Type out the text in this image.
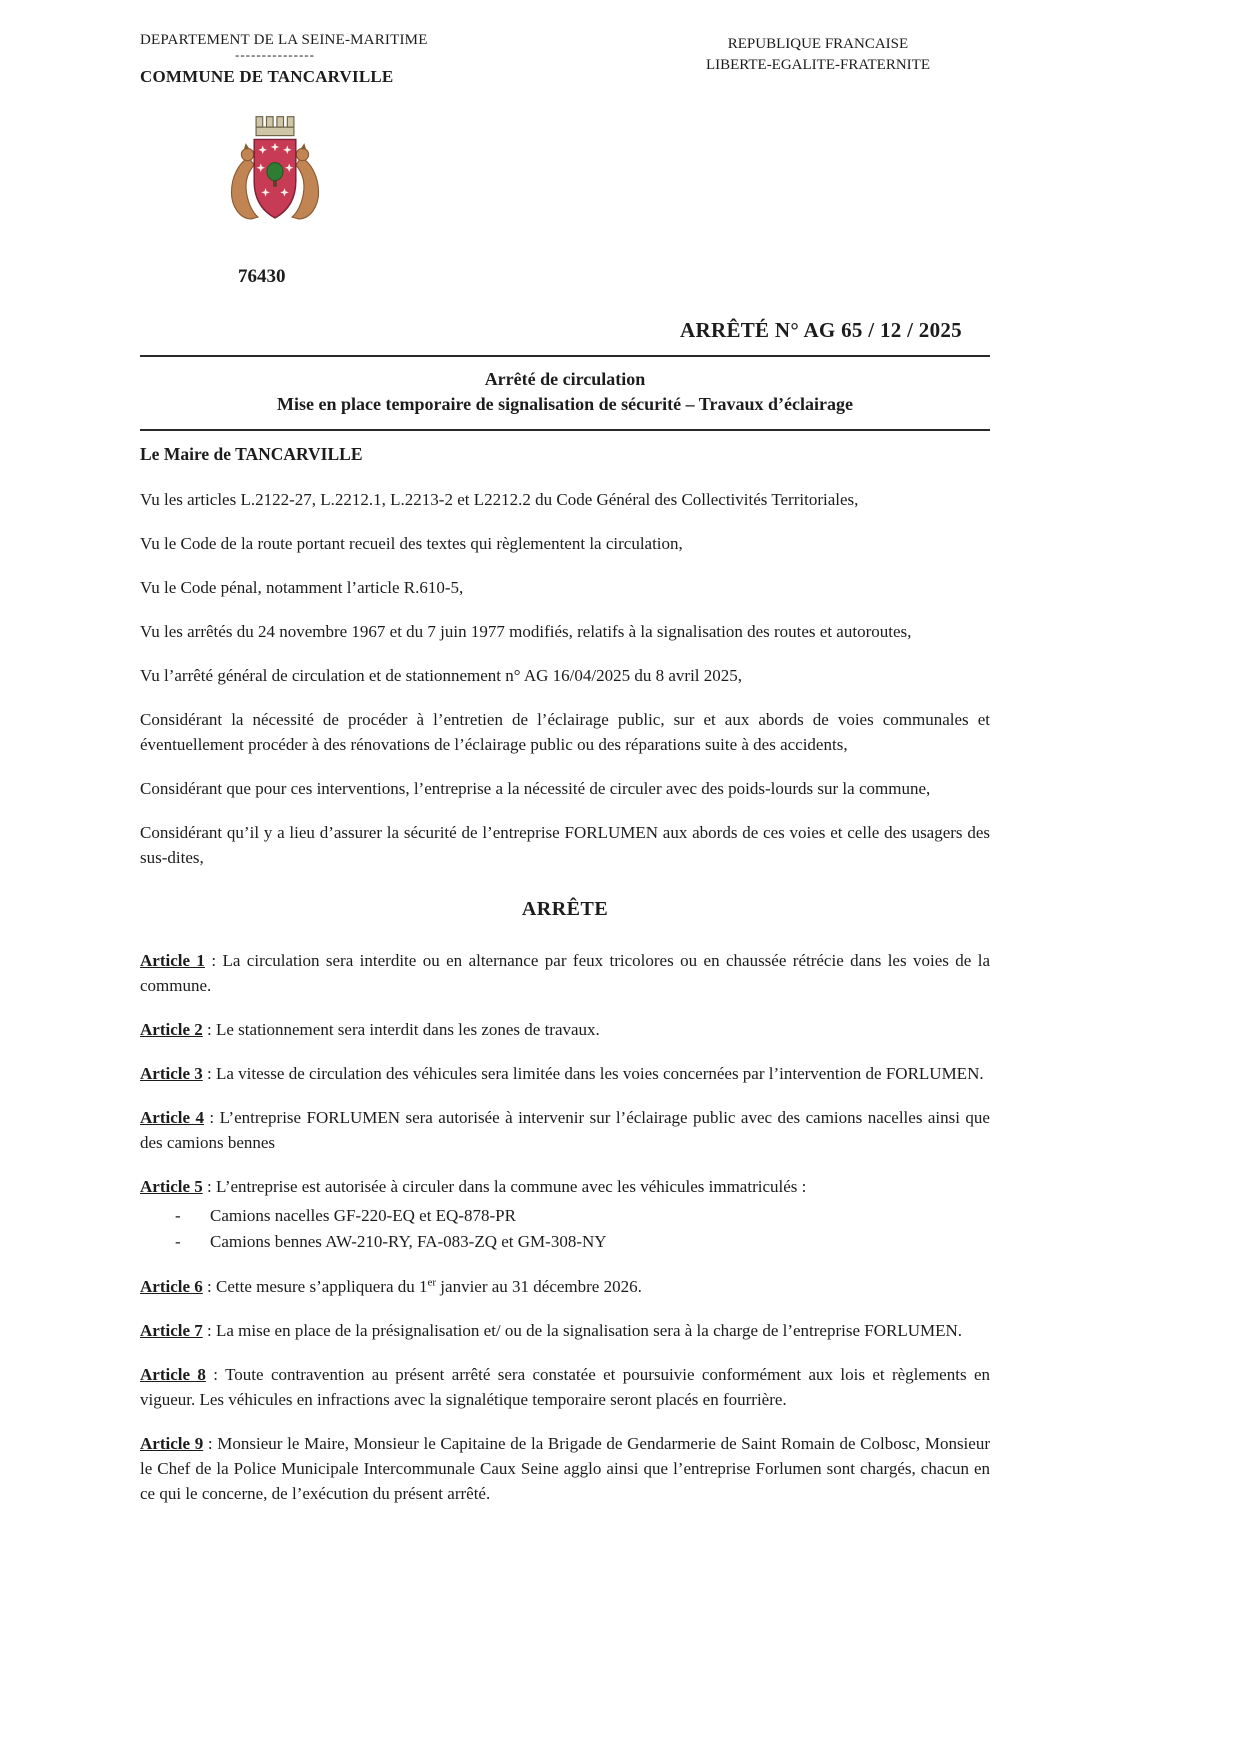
DEPARTEMENT DE LA SEINE-MARITIME
---------------
COMMUNE DE TANCARVILLE
REPUBLIQUE FRANCAISE
LIBERTE-EGALITE-FRATERNITE
76430
ARRÊTÉ N° AG 65 / 12 / 2025
Arrêté de circulation
Mise en place temporaire de signalisation de sécurité – Travaux d’éclairage
Le Maire de TANCARVILLE

Vu les articles L.2122-27, L.2212.1, L.2213-2 et L2212.2 du Code Général des Collectivités Territoriales,

Vu le Code de la route portant recueil des textes qui règlementent la circulation,

Vu le Code pénal, notamment l’article R.610-5,

Vu les arrêtés du 24 novembre 1967 et du 7 juin 1977 modifiés, relatifs à la signalisation des routes et autoroutes,

Vu l’arrêté général de circulation et de stationnement n° AG 16/04/2025 du 8 avril 2025,

Considérant la nécessité de procéder à l’entretien de l’éclairage public, sur et aux abords de voies communales et éventuellement procéder à des rénovations de l’éclairage public ou des réparations suite à des accidents,

Considérant que pour ces interventions, l’entreprise a la nécessité de circuler avec des poids-lourds sur la commune,

Considérant qu’il y a lieu d’assurer la sécurité de l’entreprise FORLUMEN aux abords de ces voies et celle des usagers des sus-dites,

ARRÊTE

Article 1 : La circulation sera interdite ou en alternance par feux tricolores ou en chaussée rétrécie dans les voies de la commune.

Article 2 : Le stationnement sera interdit dans les zones de travaux.

Article 3 : La vitesse de circulation des véhicules sera limitée dans les voies concernées par l’intervention de FORLUMEN.

Article 4 : L’entreprise FORLUMEN sera autorisée à intervenir sur l’éclairage public avec des camions nacelles ainsi que des camions bennes

Article 5 : L’entreprise est autorisée à circuler dans la commune avec les véhicules immatriculés :

-	Camions nacelles GF-220-EQ et EQ-878-PR
-	Camions bennes AW-210-RY, FA-083-ZQ et GM-308-NY

Article 6 : Cette mesure s’appliquera du 1er janvier au 31 décembre 2026.

Article 7 : La mise en place de la présignalisation et/ ou de la signalisation sera à la charge de l’entreprise FORLUMEN.

Article 8 : Toute contravention au présent arrêté sera constatée et poursuivie conformément aux lois et règlements en vigueur. Les véhicules en infractions avec la signalétique temporaire seront placés en fourrière.

Article 9 : Monsieur le Maire, Monsieur le Capitaine de la Brigade de Gendarmerie de Saint Romain de Colbosc, Monsieur le Chef de la Police Municipale Intercommunale Caux Seine agglo ainsi que l’entreprise Forlumen sont chargés, chacun en ce qui le concerne, de l’exécution du présent arrêté.
